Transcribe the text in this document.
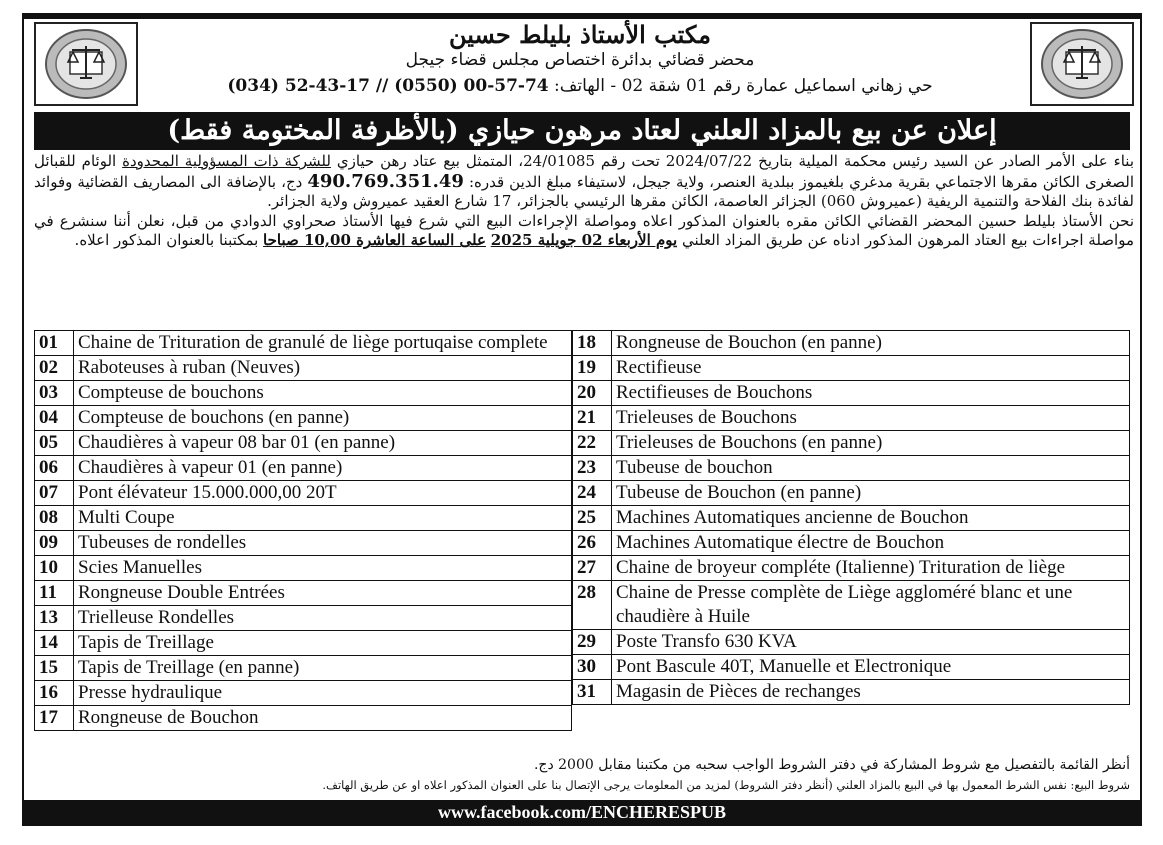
مكتب الأستاذ بليلط حسين
محضر قضائي بدائرة اختصاص مجلس قضاء جيجل
حي زهاني اسماعيل عمارة رقم 01 شقة 02 - الهاتف: (034) 52-43-17 // (0550) 00-57-74
إعلان عن بيع بالمزاد العلني لعتاد مرهون حيازي (بالأظرفة المختومة فقط)

بناء على الأمر الصادر عن السيد رئيس محكمة الميلية بتاريخ 2024/07/22 تحت رقم 24/01085، المتمثل بيع عتاد رهن حيازي للشركة ذات المسؤولية المحدودة الوئام للقبائل الصغرى الكائن مقرها الاجتماعي بقرية مدغري بلغيموز ببلدية العنصر، ولاية جيجل، لاستيفاء مبلغ الدين قدره: 490.769.351.49 دج، بالإضافة الى المصاريف القضائية وفوائد لفائدة بنك الفلاحة والتنمية الريفية (عميروش 060) الجزائر العاصمة، الكائن مقرها الرئيسي بالجزائر، 17 شارع العقيد عميروش ولاية الجزائر.

نحن الأستاذ بليلط حسين المحضر القضائي الكائن مقره بالعنوان المذكور اعلاه ومواصلة الإجراءات البيع التي شرع فيها الأستاذ صحراوي الدوادي من قبل، نعلن أننا سنشرع في مواصلة اجراءات بيع العتاد المرهون المذكور ادناه عن طريق المزاد العلني يوم الأربعاء 02 جويلية 2025 على الساعة العاشرة 10,00 صباحا بمكتبنا بالعنوان المذكور اعلاه.

01	Chaine de Trituration de granulé de liège portuqaise complete
02	Raboteuses à ruban (Neuves)
03	Compteuse de bouchons
04	Compteuse de bouchons (en panne)
05	Chaudières à vapeur 08 bar 01 (en panne)
06	Chaudières à vapeur 01 (en panne)
07	Pont élévateur 15.000.000,00 20T
08	Multi Coupe
09	Tubeuses de rondelles
10	Scies Manuelles
11	Rongneuse Double Entrées
13	Trielleuse Rondelles
14	Tapis de Treillage
15	Tapis de Treillage (en panne)
16	Presse hydraulique
17	Rongneuse de Bouchon
18	Rongneuse de Bouchon (en panne)
19	Rectifieuse
20	Rectifieuses de Bouchons
21	Trieleuses de Bouchons
22	Trieleuses de Bouchons (en panne)
23	Tubeuse de bouchon
24	Tubeuse de Bouchon (en panne)
25	Machines Automatiques ancienne de Bouchon
26	Machines Automatique électre de Bouchon
27	Chaine de broyeur compléte (Italienne) Trituration de liège
28	Chaine de Presse complète de Liège aggloméré blanc et une chaudière à Huile
29	Poste Transfo 630 KVA
30	Pont Bascule 40T, Manuelle et Electronique
31	Magasin de Pièces de rechanges
أنظر القائمة بالتفصيل مع شروط المشاركة في دفتر الشروط الواجب سحبه من مكتبنا مقابل 2000 دج.
شروط البيع: نفس الشرط المعمول بها في البيع بالمزاد العلني (أنظر دفتر الشروط) لمزيد من المعلومات يرجى الإتصال بنا على العنوان المذكور اعلاه او عن طريق الهاتف.
www.facebook.com/ENCHERESPUB
